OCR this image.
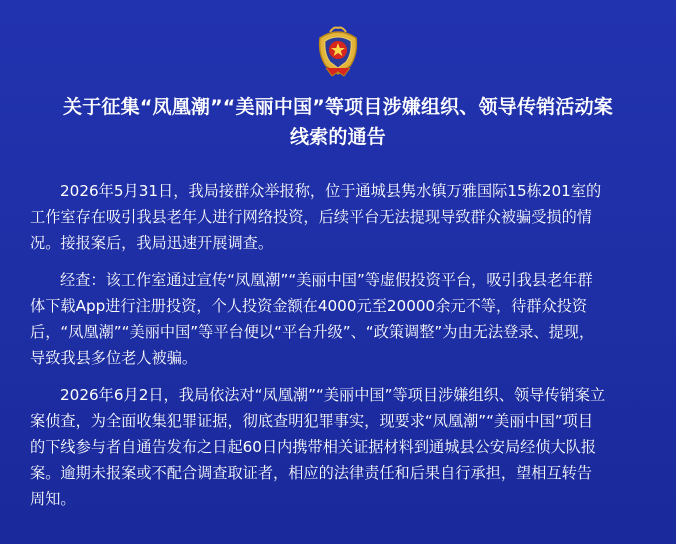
关于征集“凤凰潮”“美丽中国”等项目涉嫌组织、领导传销活动案
线索的通告
2026年5月31日，我局接群众举报称，位于通城县隽水镇万雅国际15栋201室的
工作室存在吸引我县老年人进行网络投资，后续平台无法提现导致群众被骗受损的情
况。接报案后，我局迅速开展调查。
经查：该工作室通过宣传“凤凰潮”“美丽中国”等虚假投资平台，吸引我县老年群
体下载App进行注册投资，个人投资金额在4000元至20000余元不等，待群众投资
后，“凤凰潮”“美丽中国”等平台便以“平台升级”、“政策调整”为由无法登录、提现，
导致我县多位老人被骗。
2026年6月2日，我局依法对“凤凰潮”“美丽中国”等项目涉嫌组织、领导传销案立
案侦查，为全面收集犯罪证据，彻底查明犯罪事实，现要求“凤凰潮”“美丽中国”项目
的下线参与者自通告发布之日起60日内携带相关证据材料到通城县公安局经侦大队报
案。逾期未报案或不配合调查取证者，相应的法律责任和后果自行承担，望相互转告
周知。
